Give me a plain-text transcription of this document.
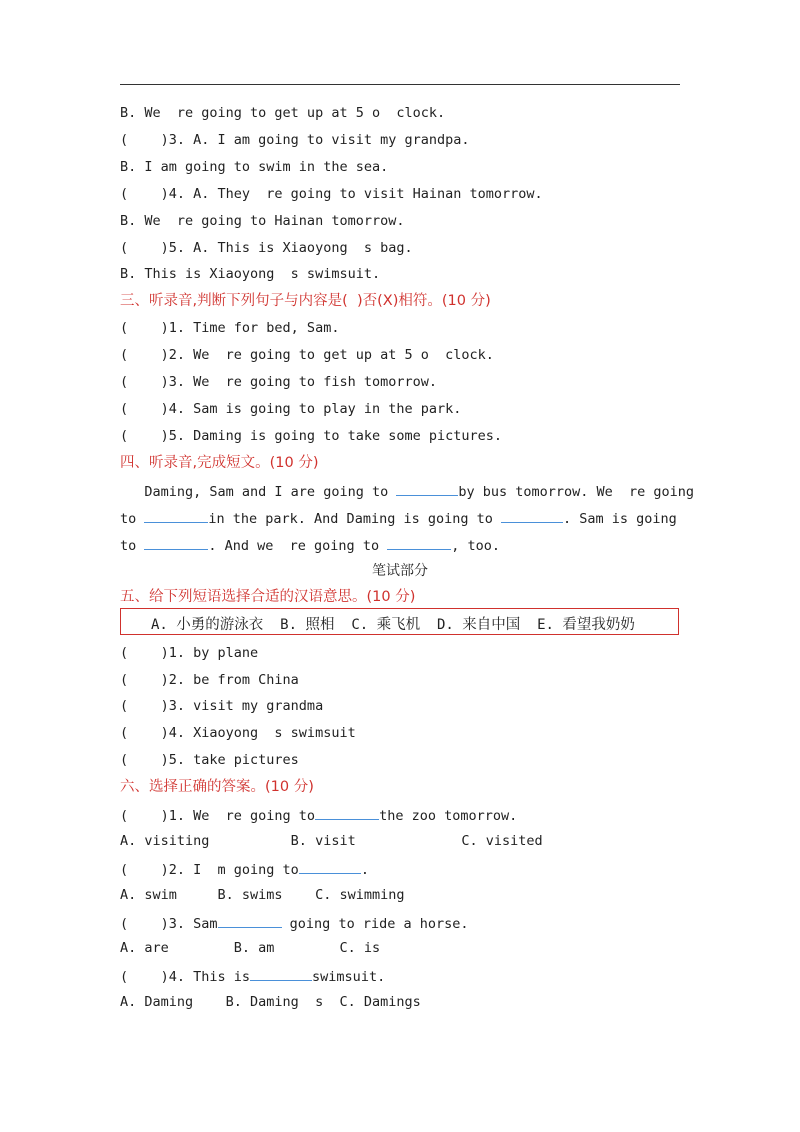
B. We  re going to get up at 5 o  clock.
(    )3. A. I am going to visit my grandpa.
B. I am going to swim in the sea.
(    )4. A. They  re going to visit Hainan tomorrow.
B. We  re going to Hainan tomorrow.
(    )5. A. This is Xiaoyong  s bag.
B. This is Xiaoyong  s swimsuit.
三、听录音,判断下列句子与内容是(  )否(X)相符。(10 分)
(    )1. Time for bed, Sam.
(    )2. We  re going to get up at 5 o  clock.
(    )3. We  re going to fish tomorrow.
(    )4. Sam is going to play in the park.
(    )5. Daming is going to take some pictures.
四、听录音,完成短文。(10 分)
Daming, Sam and I are going to	by bus tomorrow. We  re going
to	in the park. And Daming is going to	. Sam is going
to	. And we  re going to	, too.
笔试部分
五、给下列短语选择合适的汉语意思。(10 分)
A. 小勇的游泳衣 B. 照相 C. 乘飞机 D. 来自中国 E. 看望我奶奶
(    )1. by plane
(    )2. be from China
(    )3. visit my grandma
(    )4. Xiaoyong  s swimsuit
(    )5. take pictures
六、选择正确的答案。(10 分)
(    )1. We  re going to	the zoo tomorrow.
A. visiting          B. visit             C. visited
(    )2. I  m going to	.
A. swim     B. swims    C. swimming
(    )3. Sam	going to ride a horse.
A. are        B. am        C. is
(    )4. This is	swimsuit.
A. Daming    B. Daming  s  C. Damings
